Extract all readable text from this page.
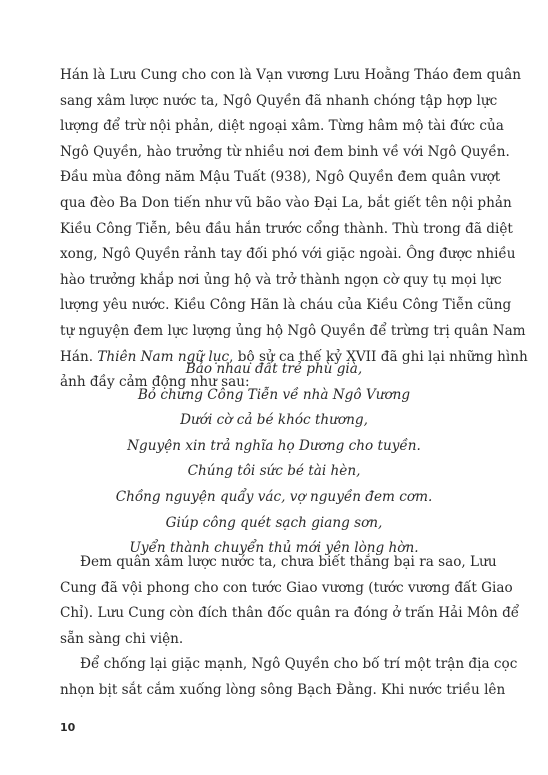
Hán là Lưu Cung cho con là Vạn vương Lưu Hoằng Tháo đem quân
sang xâm lược nước ta, Ngô Quyền đã nhanh chóng tập hợp lực
lượng để trừ nội phản, diệt ngoại xâm. Từng hâm mộ tài đức của
Ngô Quyền, hào trưởng từ nhiều nơi đem binh về với Ngô Quyền.
Đầu mùa đông năm Mậu Tuất (938), Ngô Quyền đem quân vượt
qua đèo Ba Don tiến như vũ bão vào Đại La, bắt giết tên nội phản
Kiều Công Tiễn, bêu đầu hắn trước cổng thành. Thù trong đã diệt
xong, Ngô Quyền rảnh tay đối phó với giặc ngoài. Ông được nhiều
hào trưởng khắp nơi ủng hộ và trở thành ngọn cờ quy tụ mọi lực
lượng yêu nước. Kiều Công Hãn là cháu của Kiều Công Tiễn cũng
tự nguyện đem lực lượng ủng hộ Ngô Quyền để trừng trị quân Nam
Hán. Thiên Nam ngữ lục, bộ sử ca thế kỷ XVII đã ghi lại những hình
ảnh đầy cảm động như sau:
Bảo nhau đất trẻ phù già,
Bỏ chưng Công Tiễn về nhà Ngô Vương
Dưới cờ cả bé khóc thương,
Nguyện xin trả nghĩa họ Dương cho tuyền.
Chúng tôi sức bé tài hèn,
Chồng nguyện quẩy vác, vợ nguyền đem cơm.
Giúp công quét sạch giang sơn,
Uyển thành chuyển thủ mới yên lòng hờn.
Đem quân xâm lược nước ta, chưa biết thắng bại ra sao, Lưu
Cung đã vội phong cho con tước Giao vương (tước vương đất Giao
Chỉ). Lưu Cung còn đích thân đốc quân ra đóng ở trấn Hải Môn để
sẵn sàng chi viện.
Để chống lại giặc mạnh, Ngô Quyền cho bố trí một trận địa cọc
nhọn bịt sắt cắm xuống lòng sông Bạch Đằng. Khi nước triều lên
10
